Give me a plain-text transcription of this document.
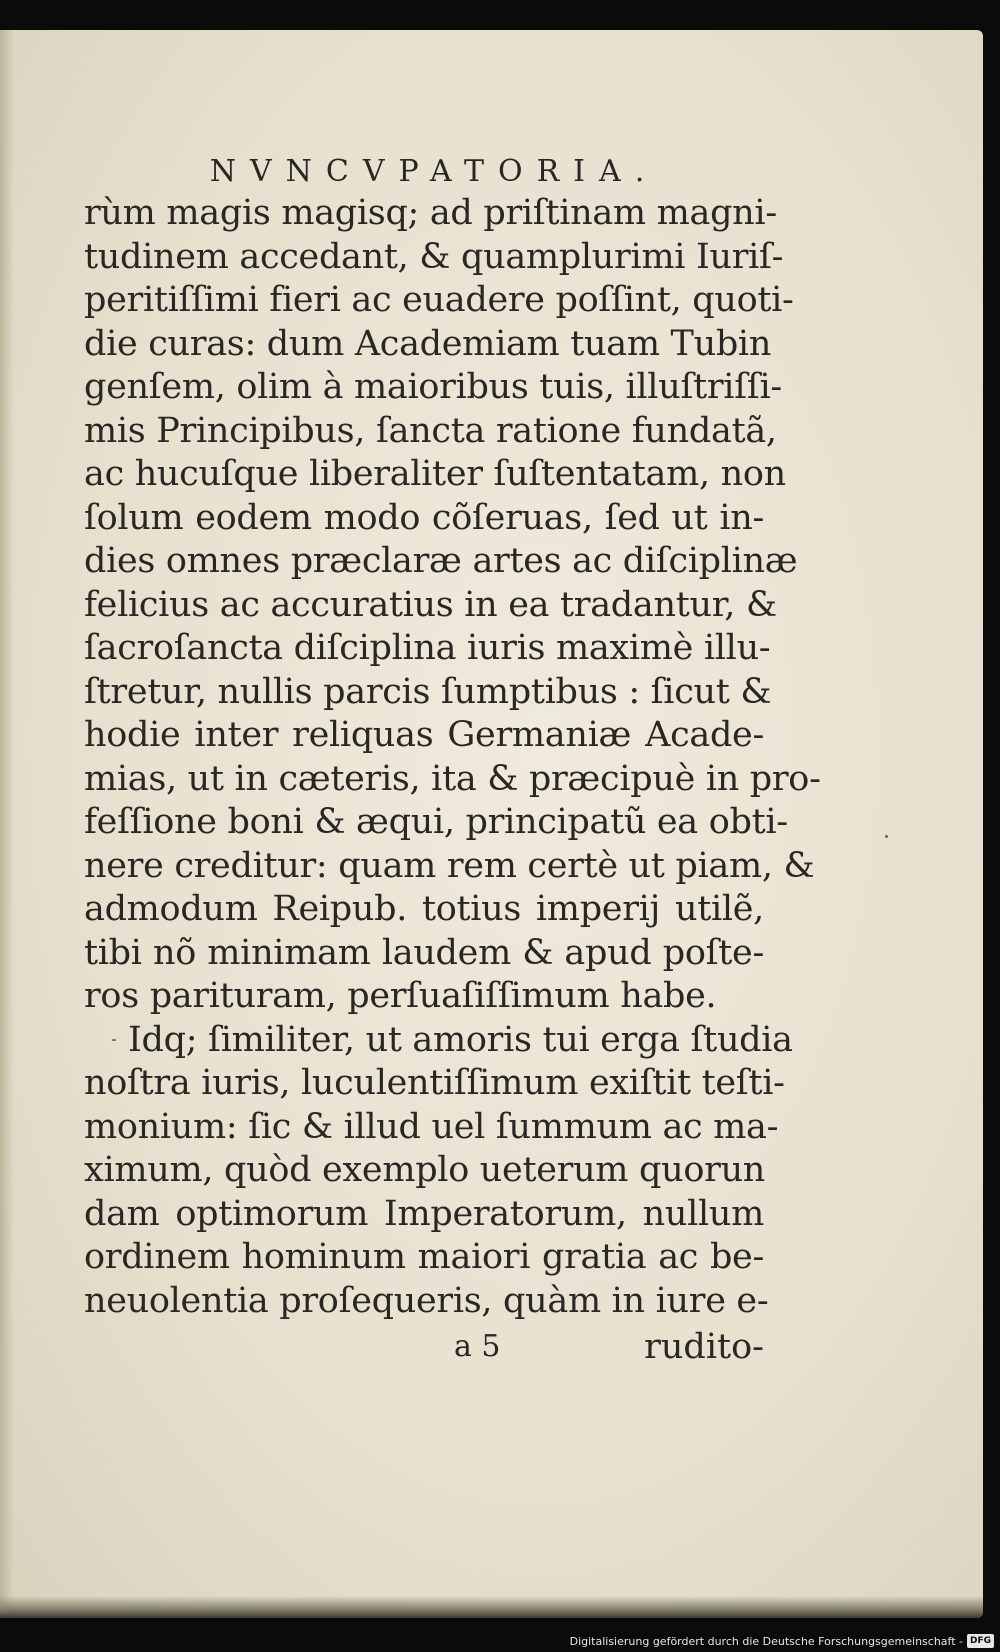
NVNCVPATORIA.
rùm magis magisq; ad priſtinam magni-
tudinem accedant, & quamplurimi Iuriſ-
peritiſſimi fieri ac euadere poſſint, quoti-
die curas: dum Academiam tuam Tubin
genſem, olim à maioribus tuis, illuſtriſſi-
mis Principibus, ſancta ratione fundatã,
ac hucuſque liberaliter ſuſtentatam, non
ſolum eodem modo cõſeruas, ſed ut in-
dies omnes præclaræ artes ac diſciplinæ
felicius ac accuratius in ea tradantur, &
ſacroſancta diſciplina iuris maximè illu-
ſtretur, nullis parcis ſumptibus : ſicut &
hodie inter reliquas Germaniæ Acade-
mias, ut in cæteris, ita & præcipuè in pro-
feſſione boni & æqui, principatũ ea obti-
nere creditur: quam rem certè ut piam, &
admodum Reipub. totius imperij utilẽ,
tibi nõ minimam laudem & apud poſte-
ros parituram, perſuaſiſſimum habe.
Idq; ſimiliter, ut amoris tui erga ſtudia
noſtra iuris, luculentiſſimum exiſtit teſti-
monium: ſic & illud uel ſummum ac ma-
ximum, quòd exemplo ueterum quorun
dam optimorum Imperatorum, nullum
ordinem hominum maiori gratia ac be-
neuolentia proſequeris, quàm in iure e-
a 5	rudito-
Digitalisierung gefördert durch die Deutsche Forschungsgemeinschaft - DFG
